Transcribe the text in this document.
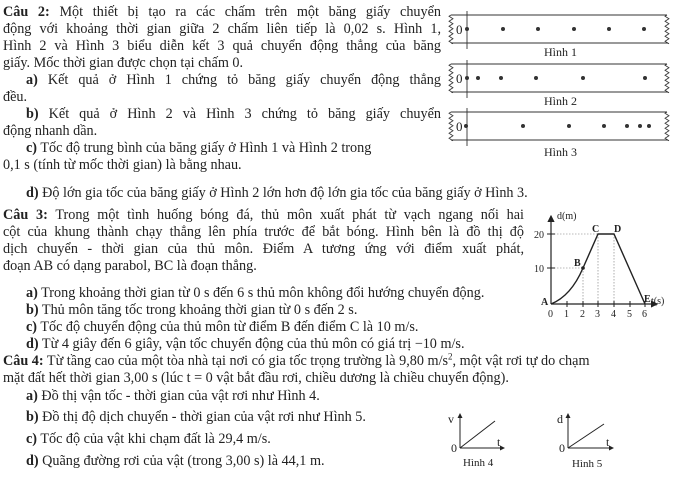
Câu 2: Một thiết bị tạo ra các chấm trên một băng giấy chuyển
động với khoảng thời gian giữa 2 chấm liên tiếp là 0,02 s. Hình 1,
Hình 2 và Hình 3 biểu diễn kết 3 quả chuyển động thẳng của băng
giấy. Mốc thời gian được chọn tại chấm 0.
a) Kết quả ở Hình 1 chứng tỏ băng giấy chuyển động thẳng
đều.
b) Kết quả ở Hình 2 và Hình 3 chứng tỏ băng giấy chuyển
động nhanh dần.
c) Tốc độ trung bình của băng giấy ở Hình 1 và Hình 2 trong
0,1 s (tính từ mốc thời gian) là bằng nhau.
d) Độ lớn gia tốc của băng giấy ở Hình 2 lớn hơn độ lớn gia tốc của băng giấy ở Hình 3.
0
Hình 1
0
Hình 2
0
Hình 3
Câu 3: Trong một tình huống bóng đá, thủ môn xuất phát từ vạch ngang nối hai
cột của khung thành chạy thẳng lên phía trước để bắt bóng. Hình bên là đồ thị độ
dịch chuyển - thời gian của thủ môn. Điểm A tương ứng với điểm xuất phát,
đoạn AB có dạng parabol, BC là đoạn thẳng.
a) Trong khoảng thời gian từ 0 s đến 6 s thủ môn không đổi hướng chuyển động.
b) Thủ môn tăng tốc trong khoảng thời gian từ 0 s đến 2 s.
c) Tốc độ chuyển động của thủ môn từ điểm B đến điểm C là 10 m/s.
d) Từ 4 giây đến 6 giây, vận tốc chuyển động của thủ môn có giá trị −10 m/s.
d(m)
t(s)
20
10
0 1 2 3 4 5 6
A
B
C D
E
Câu 4: Từ tầng cao của một tòa nhà tại nơi có gia tốc trọng trường là 9,80 $m/s^2$, một vật rơi tự do chạm
mặt đất hết thời gian 3,00 s (lúc t = 0 vật bắt đầu rơi, chiều dương là chiều chuyển động).
a) Đồ thị vận tốc - thời gian của vật rơi như Hình 4.
b) Đồ thị độ dịch chuyển - thời gian của vật rơi như Hình 5.
c) Tốc độ của vật khi chạm đất là 29,4 m/s.
d) Quãng đường rơi của vật (trong 3,00 s) là 44,1 m.
v
0	t
Hình 4
d
0	t
Hình 5
